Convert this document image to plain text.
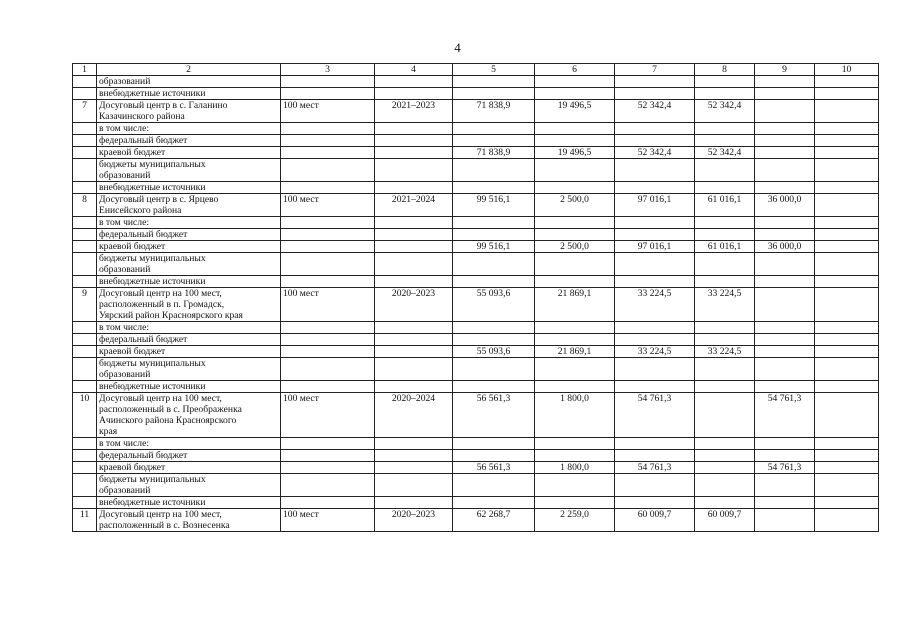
4
1	2	3	4	5	6	7	8	9	10

	образований								

	внебюджетные источники								

7	Досуговый центр в с. Галанино
Казачинского района	100 мест	2021–2023	71 838,9	19 496,5	52 342,4	52 342,4		

	в том числе:								

	федеральный бюджет								

	краевой бюджет			71 838,9	19 496,5	52 342,4	52 342,4		

	бюджеты муниципальных
образований								

	внебюджетные источники								

8	Досуговый центр в с. Ярцево
Енисейского района	100 мест	2021–2024	99 516,1	2 500,0	97 016,1	61 016,1	36 000,0	

	в том числе:								

	федеральный бюджет								

	краевой бюджет			99 516,1	2 500,0	97 016,1	61 016,1	36 000,0	

	бюджеты муниципальных
образований								

	внебюджетные источники								

9	Досуговый центр на 100 мест,
расположенный в п. Громадск,
Уярский район Красноярского края	100 мест	2020–2023	55 093,6	21 869,1	33 224,5	33 224,5		

	в том числе:								

	федеральный бюджет								

	краевой бюджет			55 093,6	21 869,1	33 224,5	33 224,5		

	бюджеты муниципальных
образований								

	внебюджетные источники								

10	Досуговый центр на 100 мест,
расположенный в с. Преображенка
Ачинского района Красноярского
края	100 мест	2020–2024	56 561,3	1 800,0	54 761,3		54 761,3	

	в том числе:								

	федеральный бюджет								

	краевой бюджет			56 561,3	1 800,0	54 761,3		54 761,3	

	бюджеты муниципальных
образований								

	внебюджетные источники								

11	Досуговый центр на 100 мест,
расположенный в с. Вознесенка	100 мест	2020–2023	62 268,7	2 259,0	60 009,7	60 009,7		
